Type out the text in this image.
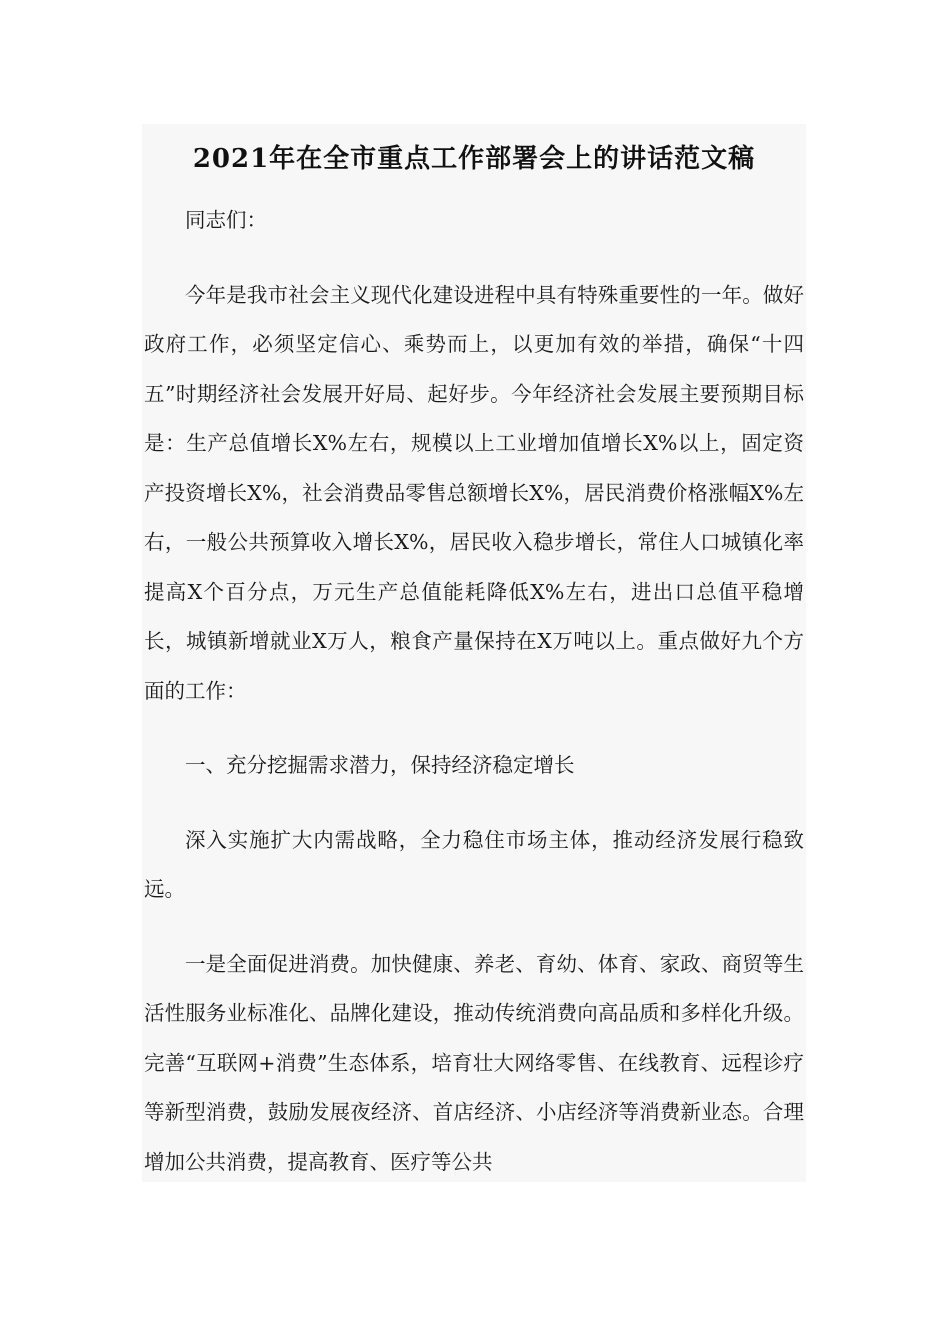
2021年在全市重点工作部署会上的讲话范文稿

同志们：

今年是我市社会主义现代化建设进程中具有特殊重要性的一年。做好政府工作，必须坚定信心、乘势而上，以更加有效的举措，确保“十四五”时期经济社会发展开好局、起好步。今年经济社会发展主要预期目标是：生产总值增长X%左右，规模以上工业增加值增长X%以上，固定资产投资增长X%，社会消费品零售总额增长X%，居民消费价格涨幅X%左右，一般公共预算收入增长X%，居民收入稳步增长，常住人口城镇化率提高X个百分点，万元生产总值能耗降低X%左右，进出口总值平稳增长，城镇新增就业X万人，粮食产量保持在X万吨以上。重点做好九个方面的工作：

一、充分挖掘需求潜力，保持经济稳定增长

深入实施扩大内需战略，全力稳住市场主体，推动经济发展行稳致远。

一是全面促进消费。加快健康、养老、育幼、体育、家政、商贸等生活性服务业标准化、品牌化建设，推动传统消费向高品质和多样化升级。完善“互联网+消费”生态体系，培育壮大网络零售、在线教育、远程诊疗等新型消费，鼓励发展夜经济、首店经济、小店经济等消费新业态。合理增加公共消费，提高教育、医疗等公共
